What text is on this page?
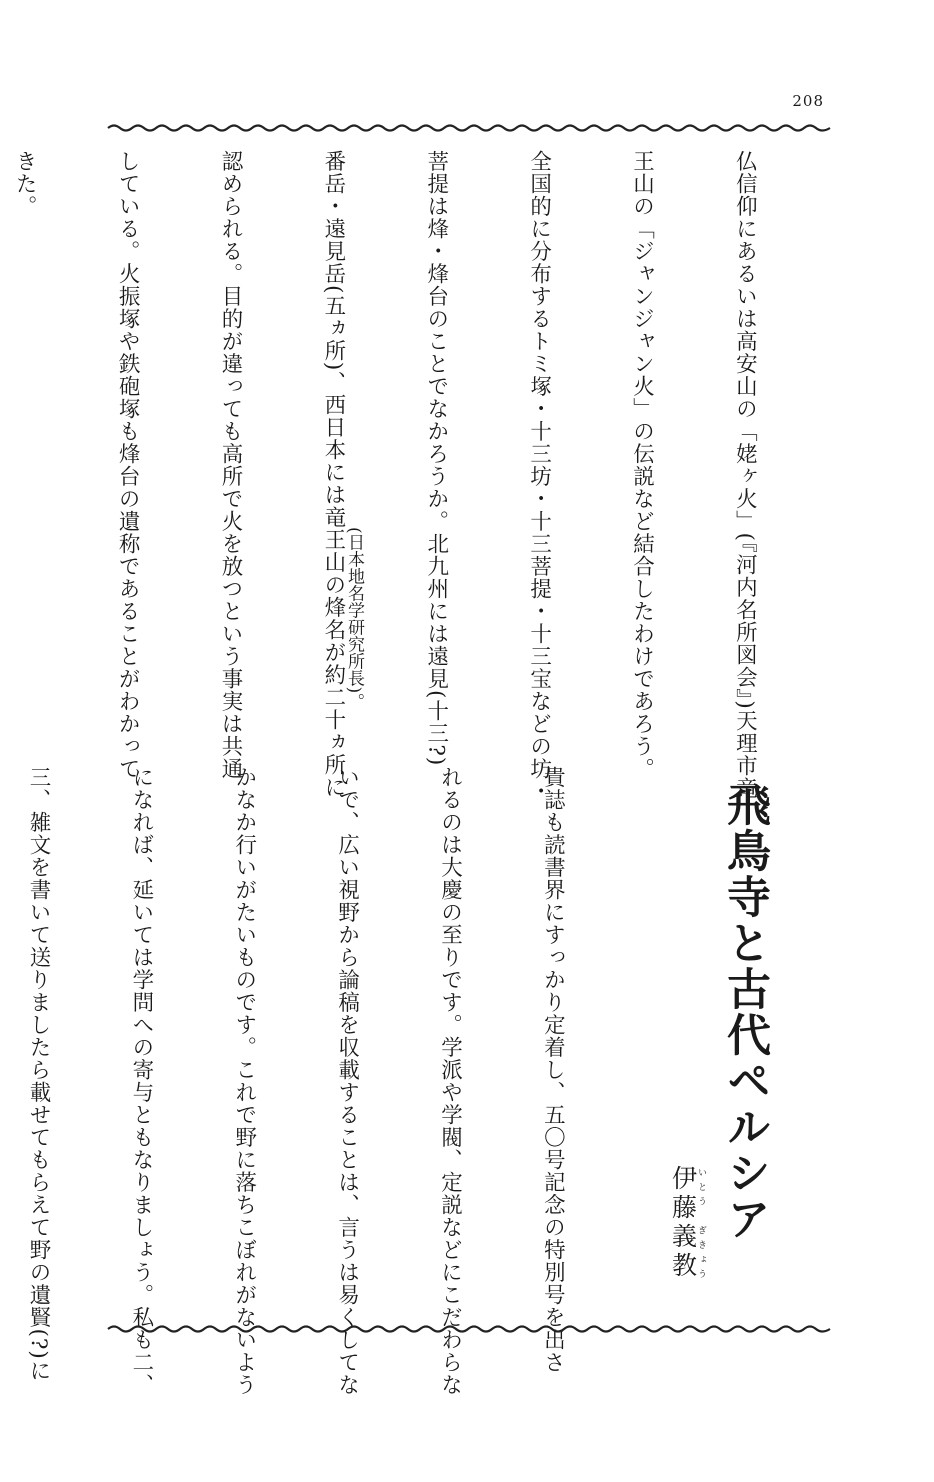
208

仏信仰にあるいは高安山の「姥ヶ火」(『河内名所図会』)天理市竜

王山の「ジャンジャン火」の伝説など結合したわけであろう。

全国的に分布するトミ塚・十三坊・十三菩提・十三宝などの坊・

菩提は烽・烽台のことでなかろうか。北九州には遠見(十三?)

番岳・遠見岳(五ヵ所)、西日本には竜王山の烽名が約二十ヵ所に

認められる。目的が違っても高所で火を放つという事実は共通

している。火振塚や鉄砲塚も烽台の遺称であることがわかって

きた。

(日本地名学研究所長)。
飛鳥寺と古代ペルシア
伊藤義教いとう　ぎきょう

貴誌も読書界にすっかり定着し、五〇号記念の特別号を出さ

れるのは大慶の至りです。学派や学閥、定説などにこだわらな

いで、広い視野から論稿を収載することは、言うは易くしてな

かなか行いがたいものです。これで野に落ちこぼれがないよう

になれば、延いては学問への寄与ともなりましょう。私も二、

三、雑文を書いて送りましたら載せてもらえて野の遺賢(?)に
